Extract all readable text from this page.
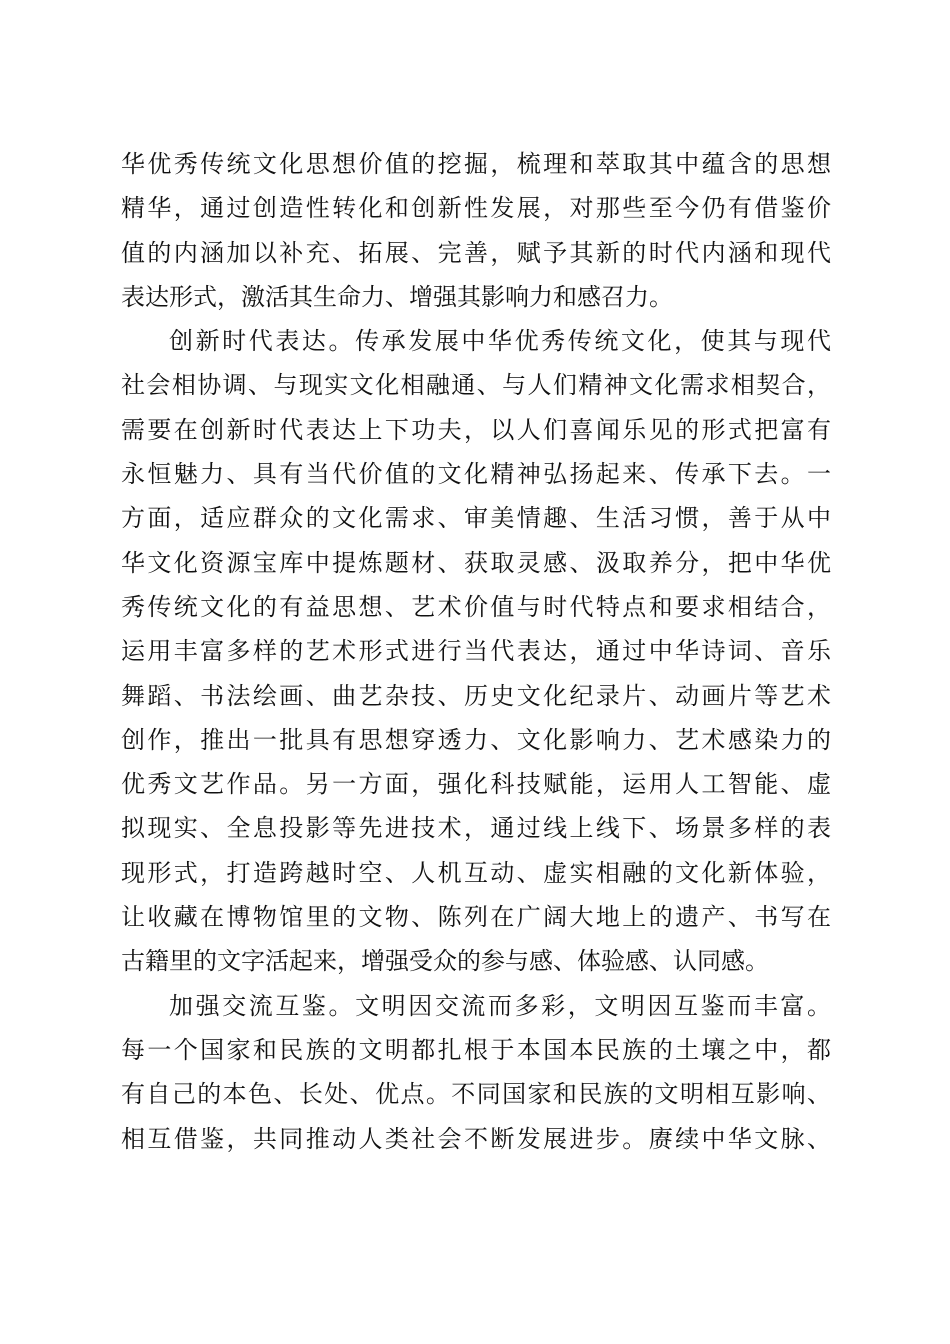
华优秀传统文化思想价值的挖掘，梳理和萃取其中蕴含的思想
精华，通过创造性转化和创新性发展，对那些至今仍有借鉴价
值的内涵加以补充、拓展、完善，赋予其新的时代内涵和现代
表达形式，激活其生命力、增强其影响力和感召力。
创新时代表达。传承发展中华优秀传统文化，使其与现代
社会相协调、与现实文化相融通、与人们精神文化需求相契合，
需要在创新时代表达上下功夫，以人们喜闻乐见的形式把富有
永恒魅力、具有当代价值的文化精神弘扬起来、传承下去。一
方面，适应群众的文化需求、审美情趣、生活习惯，善于从中
华文化资源宝库中提炼题材、获取灵感、汲取养分，把中华优
秀传统文化的有益思想、艺术价值与时代特点和要求相结合，
运用丰富多样的艺术形式进行当代表达，通过中华诗词、音乐
舞蹈、书法绘画、曲艺杂技、历史文化纪录片、动画片等艺术
创作，推出一批具有思想穿透力、文化影响力、艺术感染力的
优秀文艺作品。另一方面，强化科技赋能，运用人工智能、虚
拟现实、全息投影等先进技术，通过线上线下、场景多样的表
现形式，打造跨越时空、人机互动、虚实相融的文化新体验，
让收藏在博物馆里的文物、陈列在广阔大地上的遗产、书写在
古籍里的文字活起来，增强受众的参与感、体验感、认同感。
加强交流互鉴。文明因交流而多彩，文明因互鉴而丰富。
每一个国家和民族的文明都扎根于本国本民族的土壤之中，都
有自己的本色、长处、优点。不同国家和民族的文明相互影响、
相互借鉴，共同推动人类社会不断发展进步。赓续中华文脉、
